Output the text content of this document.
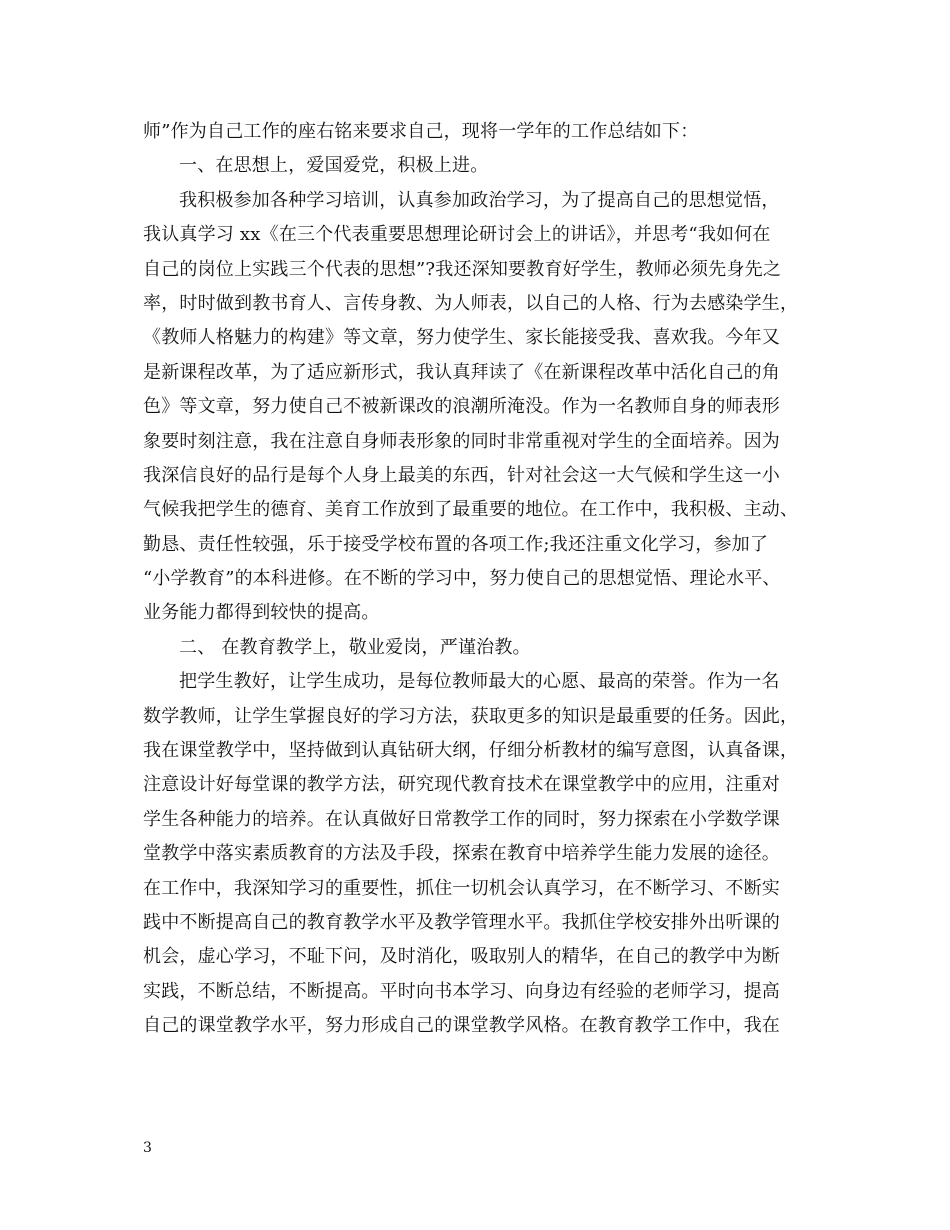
师”作为自己工作的座右铭来要求自己，现将一学年的工作总结如下：
一、在思想上，爱国爱党，积极上进。
我积极参加各种学习培训，认真参加政治学习，为了提高自己的思想觉悟，
我认真学习 xx《在三个代表重要思想理论研讨会上的讲话》，并思考“我如何在
自己的岗位上实践三个代表的思想”?我还深知要教育好学生，教师必须先身先之
率，时时做到教书育人、言传身教、为人师表，以自己的人格、行为去感染学生，
《教师人格魅力的构建》等文章，努力使学生、家长能接受我、喜欢我。今年又
是新课程改革，为了适应新形式，我认真拜读了《在新课程改革中活化自己的角
色》等文章，努力使自己不被新课改的浪潮所淹没。作为一名教师自身的师表形
象要时刻注意，我在注意自身师表形象的同时非常重视对学生的全面培养。因为
我深信良好的品行是每个人身上最美的东西，针对社会这一大气候和学生这一小
气候我把学生的德育、美育工作放到了最重要的地位。在工作中，我积极、主动、
勤恳、责任性较强，乐于接受学校布置的各项工作;我还注重文化学习，参加了
“小学教育”的本科进修。在不断的学习中，努力使自己的思想觉悟、理论水平、
业务能力都得到较快的提高。
二、 在教育教学上，敬业爱岗，严谨治教。
把学生教好，让学生成功，是每位教师最大的心愿、最高的荣誉。作为一名
数学教师，让学生掌握良好的学习方法，获取更多的知识是最重要的任务。因此，
我在课堂教学中，坚持做到认真钻研大纲，仔细分析教材的编写意图，认真备课，
注意设计好每堂课的教学方法，研究现代教育技术在课堂教学中的应用，注重对
学生各种能力的培养。在认真做好日常教学工作的同时，努力探索在小学数学课
堂教学中落实素质教育的方法及手段，探索在教育中培养学生能力发展的途径。
在工作中，我深知学习的重要性，抓住一切机会认真学习，在不断学习、不断实
践中不断提高自己的教育教学水平及教学管理水平。我抓住学校安排外出听课的
机会，虚心学习，不耻下问，及时消化，吸取别人的精华，在自己的教学中为断
实践，不断总结，不断提高。平时向书本学习、向身边有经验的老师学习，提高
自己的课堂教学水平，努力形成自己的课堂教学风格。在教育教学工作中，我在
3
